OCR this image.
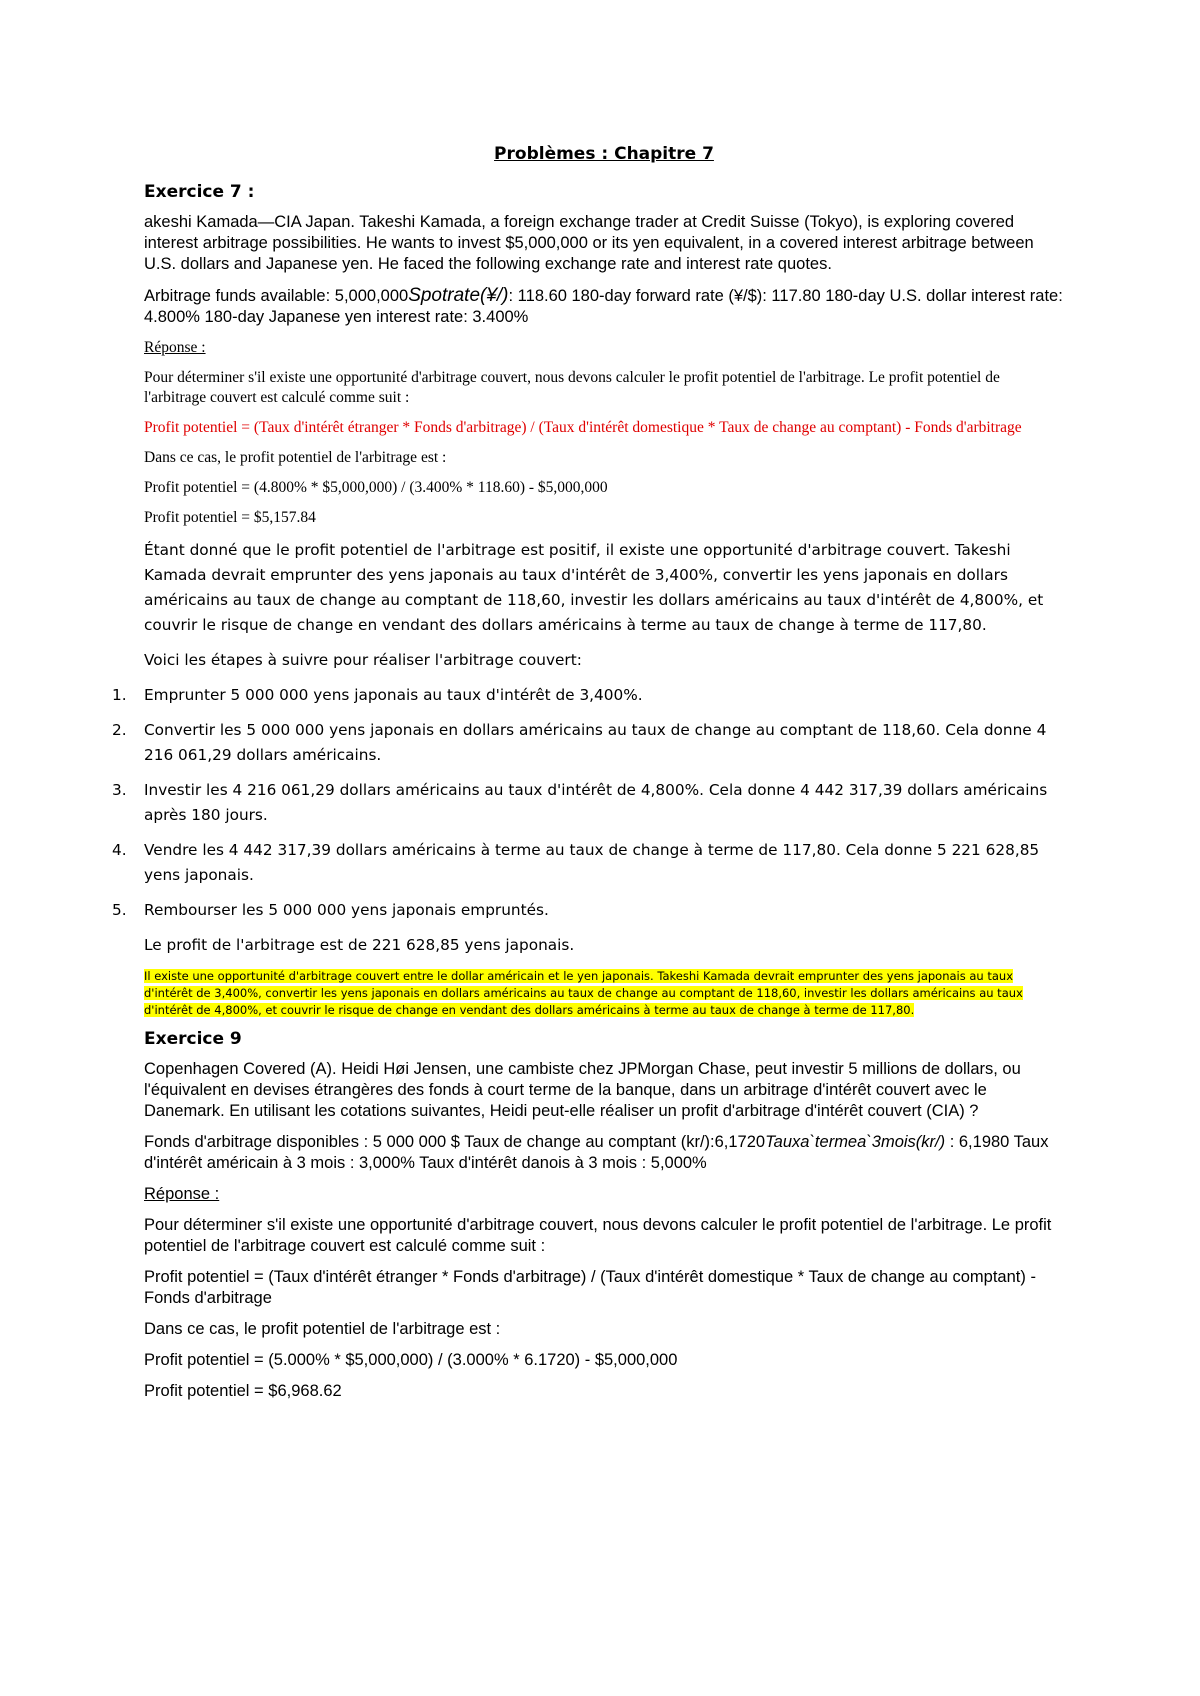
Problèmes : Chapitre 7

Exercice 7 :

akeshi Kamada—CIA Japan. Takeshi Kamada, a foreign exchange trader at Credit Suisse (Tokyo), is exploring covered interest arbitrage possibilities. He wants to invest $5,000,000 or its yen equivalent, in a covered interest arbitrage between U.S. dollars and Japanese yen. He faced the following exchange rate and interest rate quotes.

Arbitrage funds available: 5,000,000Spotrate(¥/): 118.60 180-day forward rate (¥/$): 117.80 180-day U.S. dollar interest rate: 4.800% 180-day Japanese yen interest rate: 3.400%

Réponse :

Pour déterminer s'il existe une opportunité d'arbitrage couvert, nous devons calculer le profit potentiel de l'arbitrage. Le profit potentiel de l'arbitrage couvert est calculé comme suit :

Profit potentiel = (Taux d'intérêt étranger * Fonds d'arbitrage) / (Taux d'intérêt domestique * Taux de change au comptant) - Fonds d'arbitrage

Dans ce cas, le profit potentiel de l'arbitrage est :

Profit potentiel = (4.800% * $5,000,000) / (3.400% * 118.60) - $5,000,000

Profit potentiel = $5,157.84

Étant donné que le profit potentiel de l'arbitrage est positif, il existe une opportunité d'arbitrage couvert. Takeshi Kamada devrait emprunter des yens japonais au taux d'intérêt de 3,400%, convertir les yens japonais en dollars américains au taux de change au comptant de 118,60, investir les dollars américains au taux d'intérêt de 4,800%, et couvrir le risque de change en vendant des dollars américains à terme au taux de change à terme de 117,80.

Voici les étapes à suivre pour réaliser l'arbitrage couvert:

1. Emprunter 5 000 000 yens japonais au taux d'intérêt de 3,400%.
2. Convertir les 5 000 000 yens japonais en dollars américains au taux de change au comptant de 118,60. Cela donne 4 216 061,29 dollars américains.
3. Investir les 4 216 061,29 dollars américains au taux d'intérêt de 4,800%. Cela donne 4 442 317,39 dollars américains après 180 jours.
4. Vendre les 4 442 317,39 dollars américains à terme au taux de change à terme de 117,80. Cela donne 5 221 628,85 yens japonais.
5. Rembourser les 5 000 000 yens japonais empruntés.

Le profit de l'arbitrage est de 221 628,85 yens japonais.

Il existe une opportunité d'arbitrage couvert entre le dollar américain et le yen japonais. Takeshi Kamada devrait emprunter des yens japonais au taux d'intérêt de 3,400%, convertir les yens japonais en dollars américains au taux de change au comptant de 118,60, investir les dollars américains au taux d'intérêt de 4,800%, et couvrir le risque de change en vendant des dollars américains à terme au taux de change à terme de 117,80.

Exercice 9

Copenhagen Covered (A). Heidi Høi Jensen, une cambiste chez JPMorgan Chase, peut investir 5 millions de dollars, ou l'équivalent en devises étrangères des fonds à court terme de la banque, dans un arbitrage d'intérêt couvert avec le Danemark. En utilisant les cotations suivantes, Heidi peut-elle réaliser un profit d'arbitrage d'intérêt couvert (CIA) ?

Fonds d'arbitrage disponibles : 5 000 000 $ Taux de change au comptant (kr/):6,1720Tauxa`termea`3mois(kr/) : 6,1980 Taux d'intérêt américain à 3 mois : 3,000% Taux d'intérêt danois à 3 mois : 5,000%

Réponse :

Pour déterminer s'il existe une opportunité d'arbitrage couvert, nous devons calculer le profit potentiel de l'arbitrage. Le profit potentiel de l'arbitrage couvert est calculé comme suit :

Profit potentiel = (Taux d'intérêt étranger * Fonds d'arbitrage) / (Taux d'intérêt domestique * Taux de change au comptant) - Fonds d'arbitrage

Dans ce cas, le profit potentiel de l'arbitrage est :

Profit potentiel = (5.000% * $5,000,000) / (3.000% * 6.1720) - $5,000,000

Profit potentiel = $6,968.62
